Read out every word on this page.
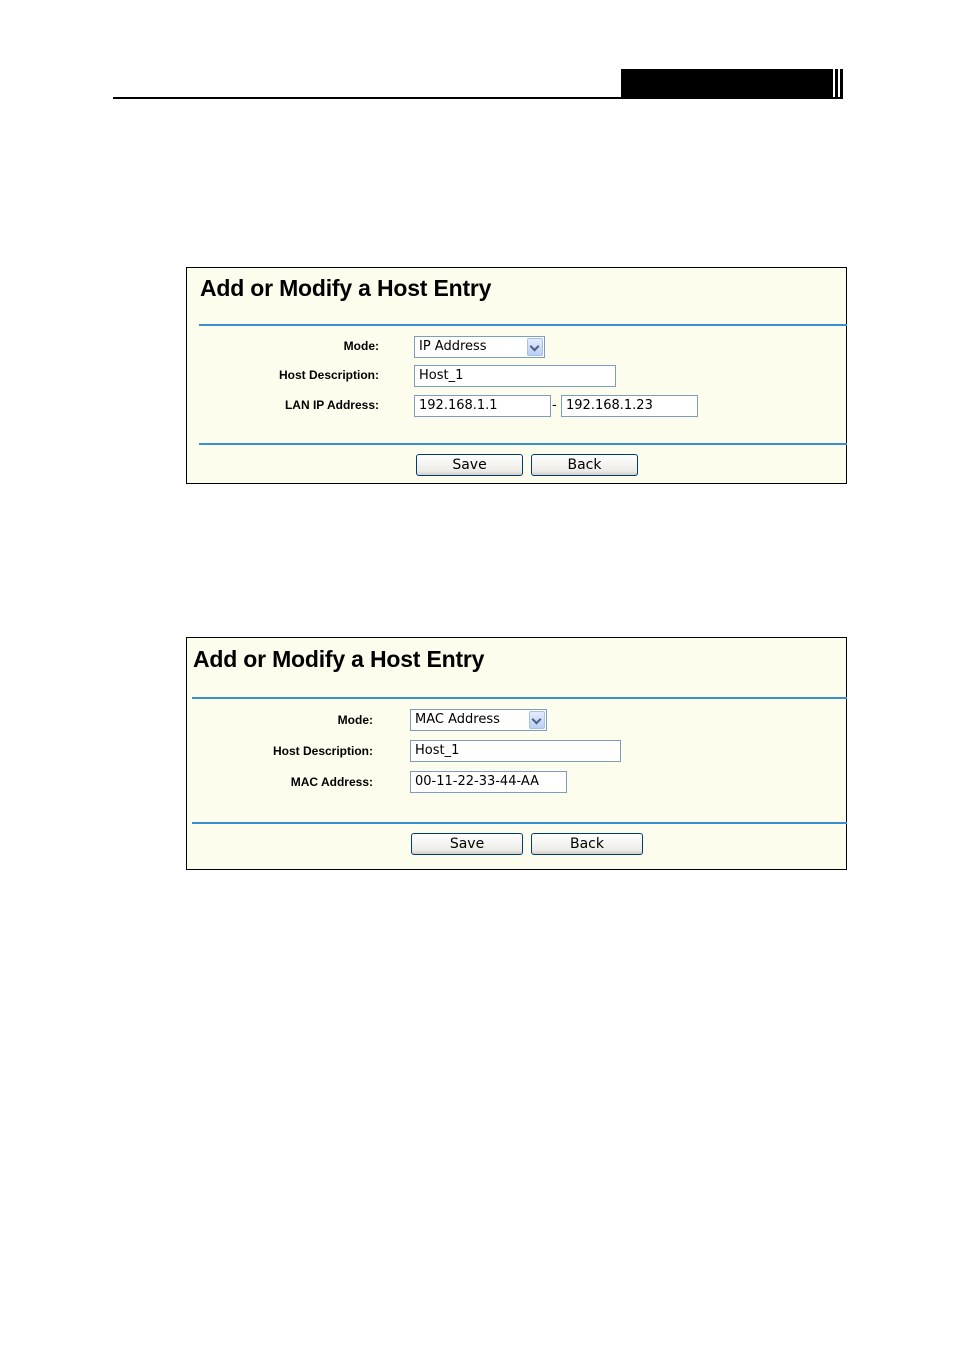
Add or Modify a Host Entry
Mode:	IP Address
Host Description:	Host_1
LAN IP Address:	192.168.1.1	- 192.168.1.23
Save	Back
Add or Modify a Host Entry
Mode:	MAC Address
Host Description:	Host_1
MAC Address:	00-11-22-33-44-AA
Save	Back
